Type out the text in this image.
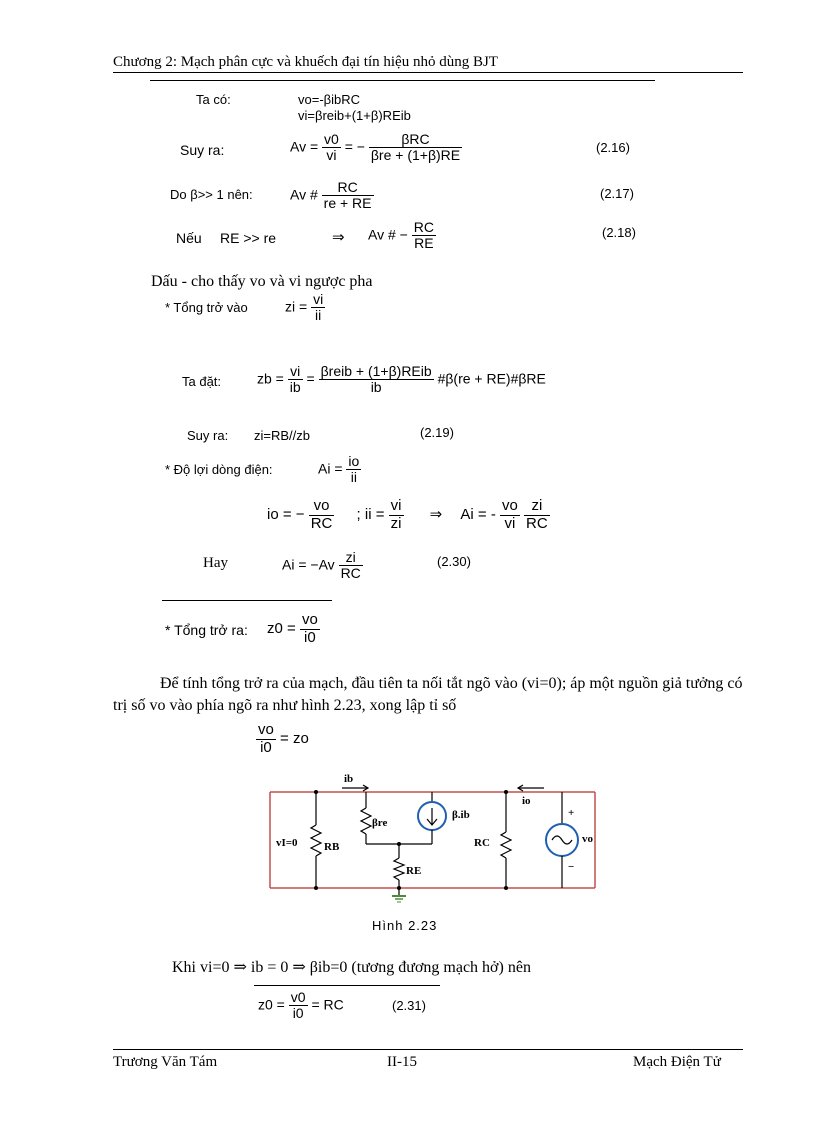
Chương 2: Mạch phân cực và khuếch đại tín hiệu nhỏ dùng BJT
Ta có:	vo=-βibRC
vi=βreib+(1+β)REib
Suy ra:	$Av = \frac{v0}{vi}$ = − $\frac{\text{βRC}}{\text{βre + (1+β)RE}}$	(2.16)
Do β>> 1 nên:	Av # $\frac{RC}{re + RE}$	(2.17)
Nếu RE >> re	⇒ Av # − $\frac{RC}{RE}$	(2.18)
Dấu - cho thấy vo và vi ngược pha
* Tổng trở vào	zi = $\frac{vi}{ii}$
Ta đặt:	zb = $\frac{vi}{ib} = \frac{\text{βreib + (1+β)REib}}{ib}$ #β(re + RE)#βRE
Suy ra: zi=RB//zb	(2.19)
* Độ lợi dòng điện:	$Ai = \frac{io}{ii}$
io = − $\frac{vo}{RC}$ ; ii = $\frac{vi}{zi}$ ⇒ Ai = - $\frac{vo}{vi}$
$\frac{zi}{RC}$
Hay	$Ai = -Av \frac{zi}{RC}$	(2.30)
* Tổng trở ra: $z0 = \frac{vo}{i0}$
Để tính tổng trở ra của mạch, đầu tiên ta nối tắt ngõ vào (vi=0); áp một nguồn giả tưởng có trị số vo vào phía ngõ ra như hình 2.23, xong lập tỉ số
$\frac{vo}{i0}$ = zo
ib
βre
β.ib
io
vI=0 RB
RE
RC	vo
+
−
Hình 2.23
Khi vi=0 ⇒ ib = 0 ⇒ βib=0 (tương đương mạch hở) nên
$z0 = \frac{v0}{i0}$ = RC	(2.31)
Trương Văn Tám	II-15	Mạch Điện Tử
